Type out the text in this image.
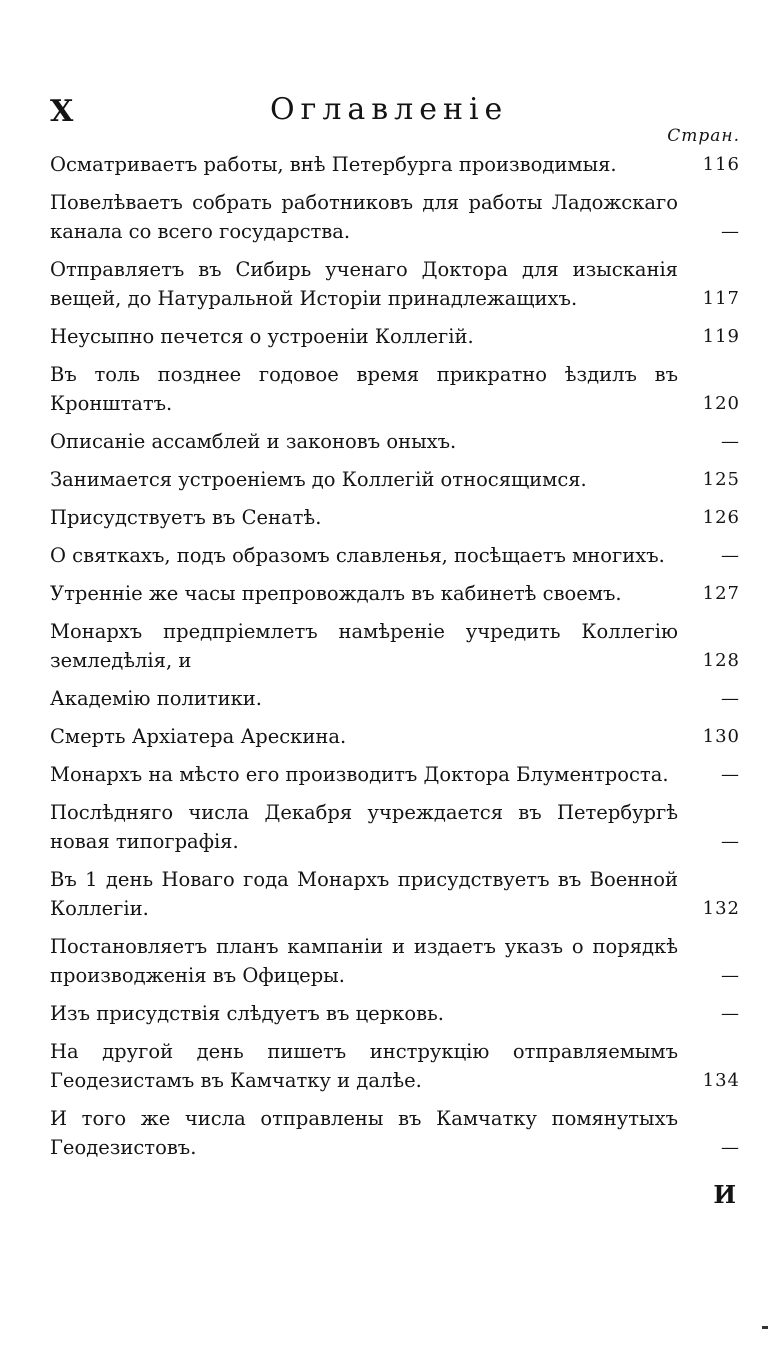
X	Оглавленіе
Стран.
Осматриваетъ работы, внѣ Петербурга производимыя.	116
Повелѣваетъ собрать работниковъ для работы Ладожскаго канала со всего государства.	—
Отправляетъ въ Сибирь ученаго Доктора для изысканія вещей, до Натуральной Исторіи принадлежащихъ.	117
Неусыпно печется о устроеніи Коллегій.	119
Въ толь позднее годовое время прикратно ѣздилъ въ Кронштатъ.	120
Описаніе ассамблей и законовъ оныхъ.	—
Занимается устроеніемъ до Коллегій относящимся.	125
Присудствуетъ въ Сенатѣ.	126
О святкахъ, подъ образомъ славленья, посѣщаетъ многихъ.	—
Утренніе же часы препровождалъ въ кабинетѣ своемъ.	127
Монархъ предпріемлетъ намѣреніе учредить Коллегію земледѣлія, и	128
Академію политики.	—
Смерть Архіатера Арескина.	130
Монархъ на мѣсто его производитъ Доктора Блументроста.	—
Послѣдняго числа Декабря учреждается въ Петербургѣ новая типографія.	—
Въ 1 день Новаго года Монархъ присудствуетъ въ Военной Коллегіи.	132
Постановляетъ планъ кампаніи и издаетъ указъ о порядкѣ производженія въ Офицеры.	—
Изъ присудствія слѣдуетъ въ церковь.	—
На другой день пишетъ инструкцію отправляемымъ Геодезистамъ въ Камчатку и далѣе.	134
И того же числа отправлены въ Камчатку помянутыхъ Геодезистовъ.	—
И
